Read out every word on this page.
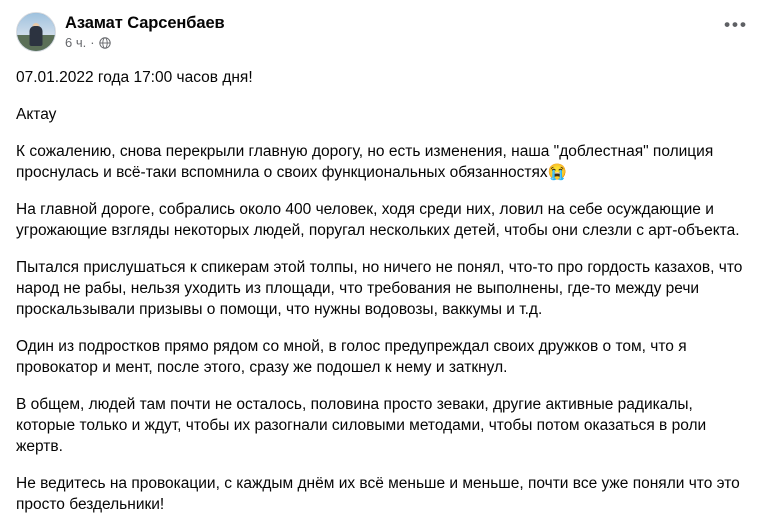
Азамат Сарсенбаев
6 ч. ·
•••

07.01.2022 года 17:00 часов дня!

Актау

К сожалению, снова перекрыли главную дорогу, но есть изменения, наша "доблестная" полиция проснулась и всё-таки вспомнила о своих функциональных обязанностях😭

На главной дороге, собрались около 400 человек, ходя среди них, ловил на себе осуждающие и угрожающие взгляды некоторых людей, поругал нескольких детей, чтобы они слезли с арт-объекта.

Пытался прислушаться к спикерам этой толпы, но ничего не понял, что-то про гордость казахов, что народ не рабы, нельзя уходить из площади, что требования не выполнены, где-то между речи проскальзывали призывы о помощи, что нужны водовозы, ваккумы и т.д.

Один из подростков прямо рядом со мной, в голос предупреждал своих дружков о том, что я провокатор и мент, после этого, сразу же подошел к нему и заткнул.

В общем, людей там почти не осталось, половина просто зеваки, другие активные радикалы, которые только и ждут, чтобы их разогнали силовыми методами, чтобы потом оказаться в роли жертв.

Не ведитесь на провокации, с каждым днём их всё меньше и меньше, почти все уже поняли что это просто бездельники!
